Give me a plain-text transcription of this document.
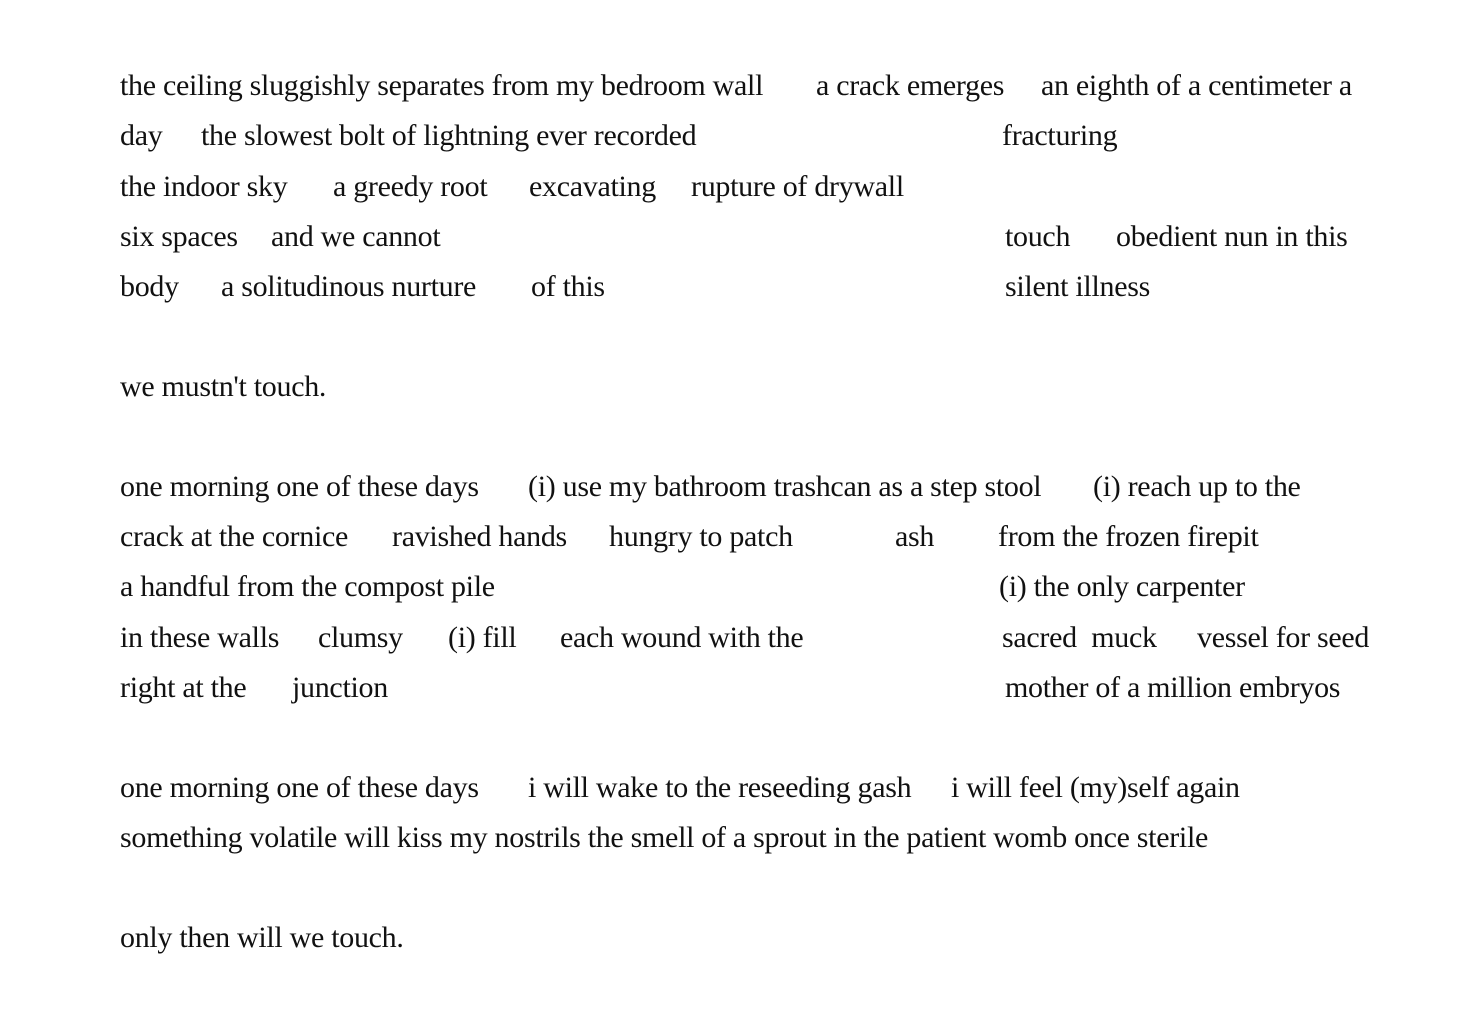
the ceiling sluggishly separates from my bedroom wall a crack emerges an eighth of a centimeter a
day the slowest bolt of lightning ever recorded	fracturing
the indoor sky a greedy root excavating rupture of drywall
six spaces and we cannot	touch obedient nun in this
body a solitudinous nurture of this	silent illness
we mustn't touch.
one morning one of these days (i) use my bathroom trashcan as a step stool (i) reach up to the
crack at the cornice ravished hands hungry to patch	ash from the frozen firepit
a handful from the compost pile	(i) the only carpenter
in these walls clumsy (i) fill each wound with the	sacred  muck vessel for seed
right at the junction	mother of a million embryos
one morning one of these days i will wake to the reseeding gash i will feel (my)self again
something volatile will kiss my nostrils the smell of a sprout in the patient womb once sterile
only then will we touch.
